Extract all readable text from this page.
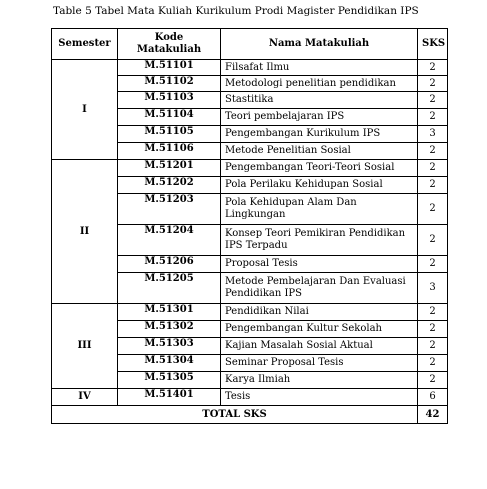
Table 5 Tabel Mata Kuliah Kurikulum Prodi Magister Pendidikan IPS
Semester	Kode Matakuliah	Nama Matakuliah	SKS
I	M.51101	Filsafat Ilmu	2
	M.51102	Metodologi penelitian pendidikan	2
	M.51103	Stastitika	2
	M.51104	Teori pembelajaran IPS	2
	M.51105	Pengembangan Kurikulum IPS	3
	M.51106	Metode Penelitian Sosial	2
II	M.51201	Pengembangan Teori-Teori Sosial	2
	M.51202	Pola Perilaku Kehidupan Sosial	2
	M.51203	Pola Kehidupan Alam Dan Lingkungan	2
	M.51204	Konsep Teori Pemikiran Pendidikan IPS Terpadu	2
	M.51206	Proposal Tesis	2
	M.51205	Metode Pembelajaran Dan Evaluasi Pendidikan IPS	3
III	M.51301	Pendidikan Nilai	2
	M.51302	Pengembangan Kultur Sekolah	2
	M.51303	Kajian Masalah Sosial Aktual	2
	M.51304	Seminar Proposal Tesis	2
	M.51305	Karya Ilmiah	2
IV	M.51401	Tesis	6
TOTAL SKS			42
